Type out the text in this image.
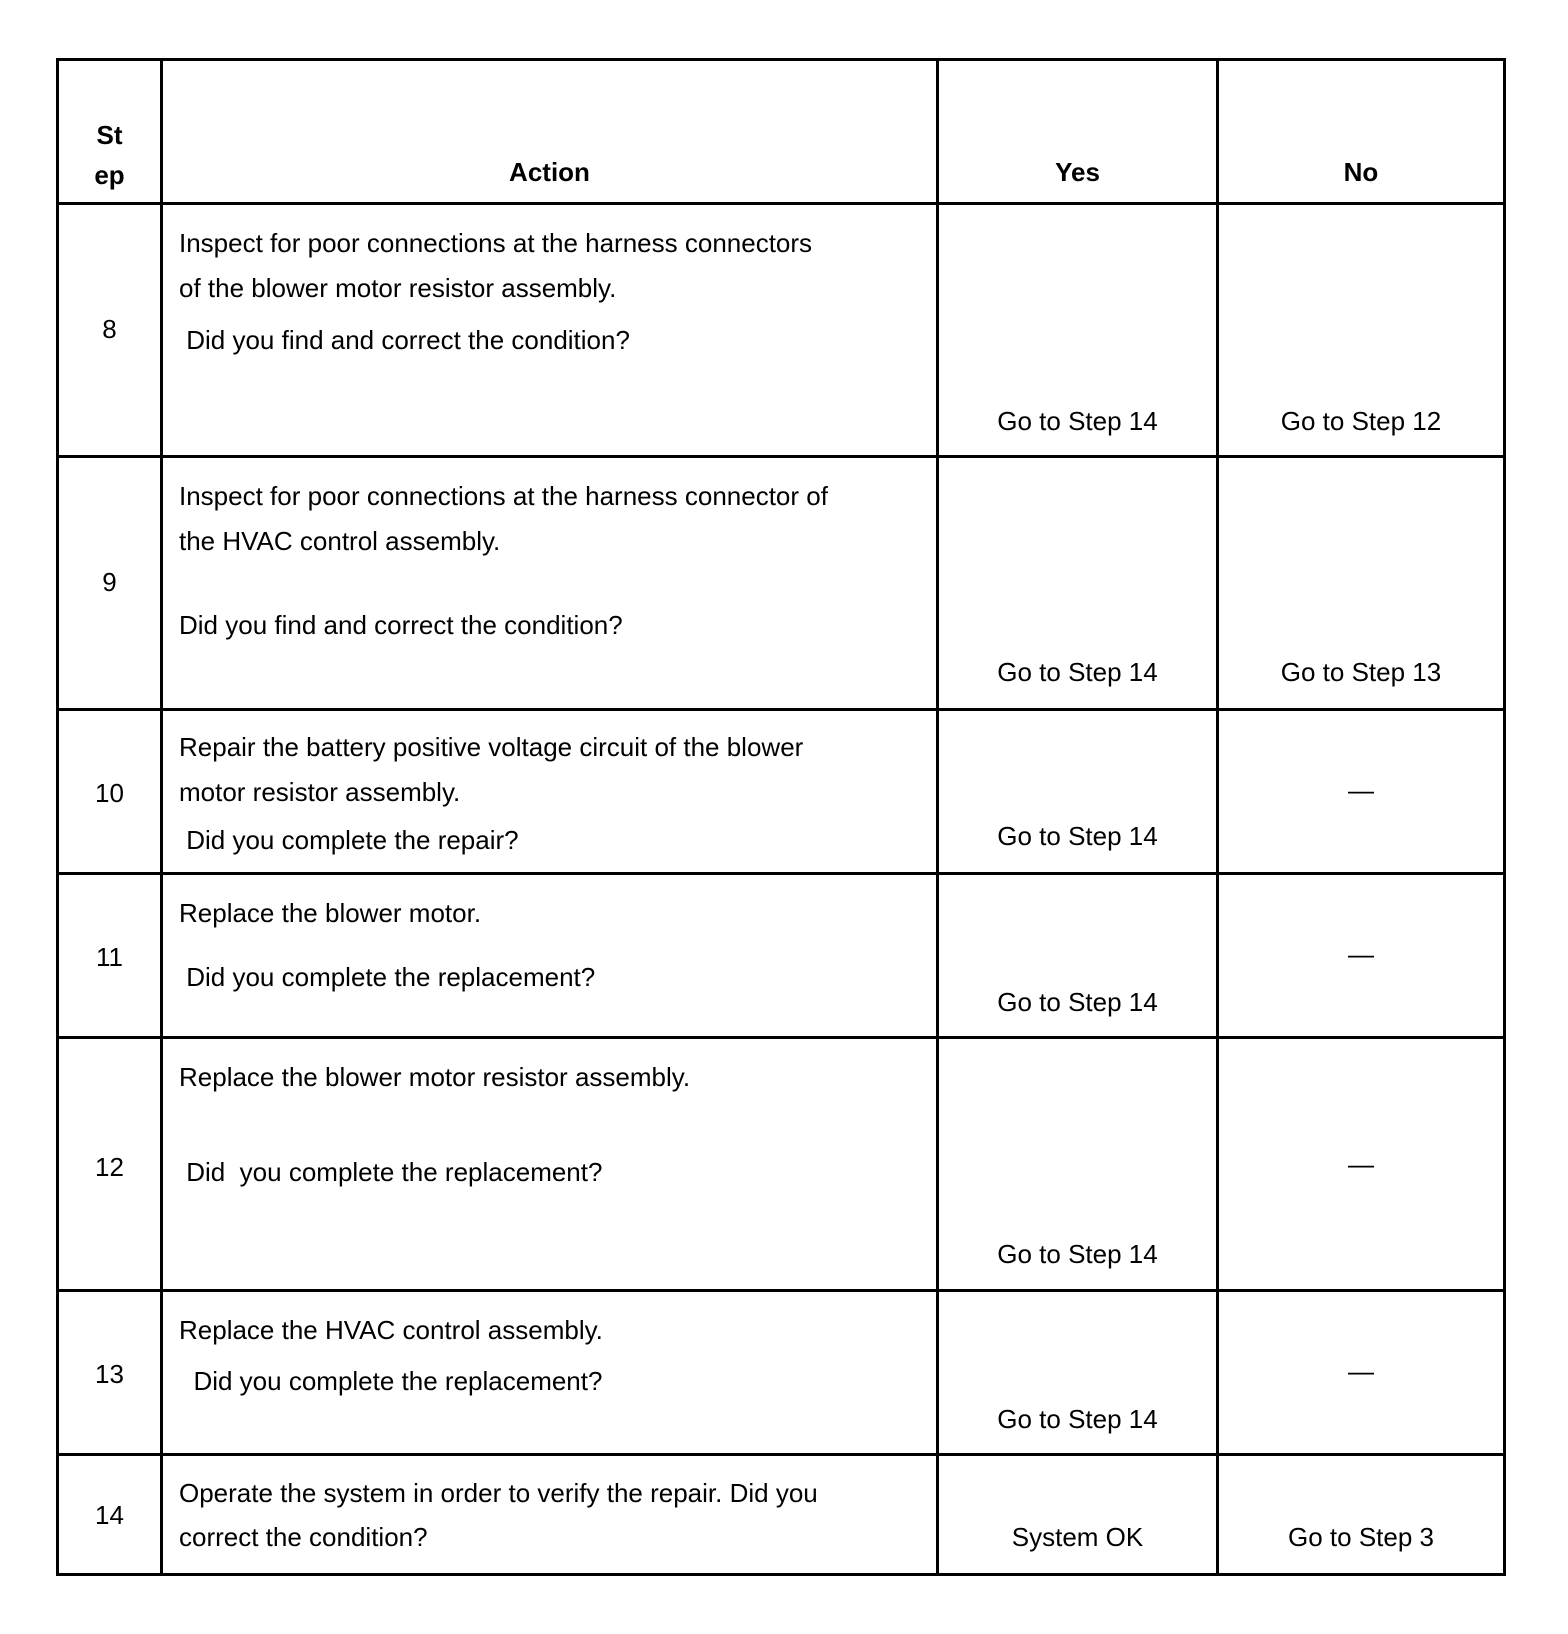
St
ep	Action	Yes	No

8	Inspect for poor connections at the harness connectors
of the blower motor resistor assembly.
Did you find and correct the condition?	Go to Step 14	Go to Step 12

9	Inspect for poor connections at the harness connector of
the HVAC control assembly.
Did you find and correct the condition?	Go to Step 14	Go to Step 13

10	Repair the battery positive voltage circuit of the blower
motor resistor assembly.
Did you complete the repair?	Go to Step 14	—

11	Replace the blower motor.
Did you complete the replacement?	Go to Step 14	—

12	Replace the blower motor resistor assembly.
Did  you complete the replacement?	Go to Step 14	—

13	Replace the HVAC control assembly.
Did you complete the replacement?	Go to Step 14	—

14	Operate the system in order to verify the repair. Did you
correct the condition?	System OK	Go to Step 3
